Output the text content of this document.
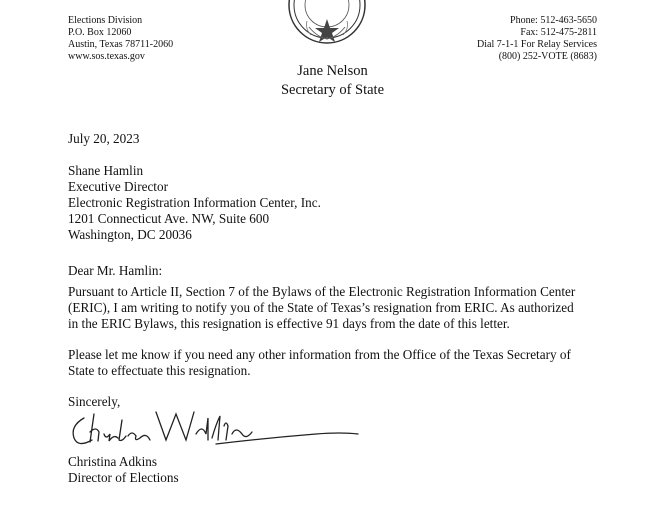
Elections Division
P.O. Box 12060
Austin, Texas 78711-2060
www.sos.texas.gov
Phone: 512-463-5650
Fax: 512-475-2811
Dial 7-1-1 For Relay Services
(800) 252-VOTE (8683)
Jane Nelson
Secretary of State
July 20, 2023
Shane Hamlin
Executive Director
Electronic Registration Information Center, Inc.
1201 Connecticut Ave. NW, Suite 600
Washington, DC 20036
Dear Mr. Hamlin:
Pursuant to Article II, Section 7 of the Bylaws of the Electronic Registration Information Center
(ERIC), I am writing to notify you of the State of Texas’s resignation from ERIC. As authorized
in the ERIC Bylaws, this resignation is effective 91 days from the date of this letter.
Please let me know if you need any other information from the Office of the Texas Secretary of
State to effectuate this resignation.
Sincerely,
Christina Adkins
Director of Elections
